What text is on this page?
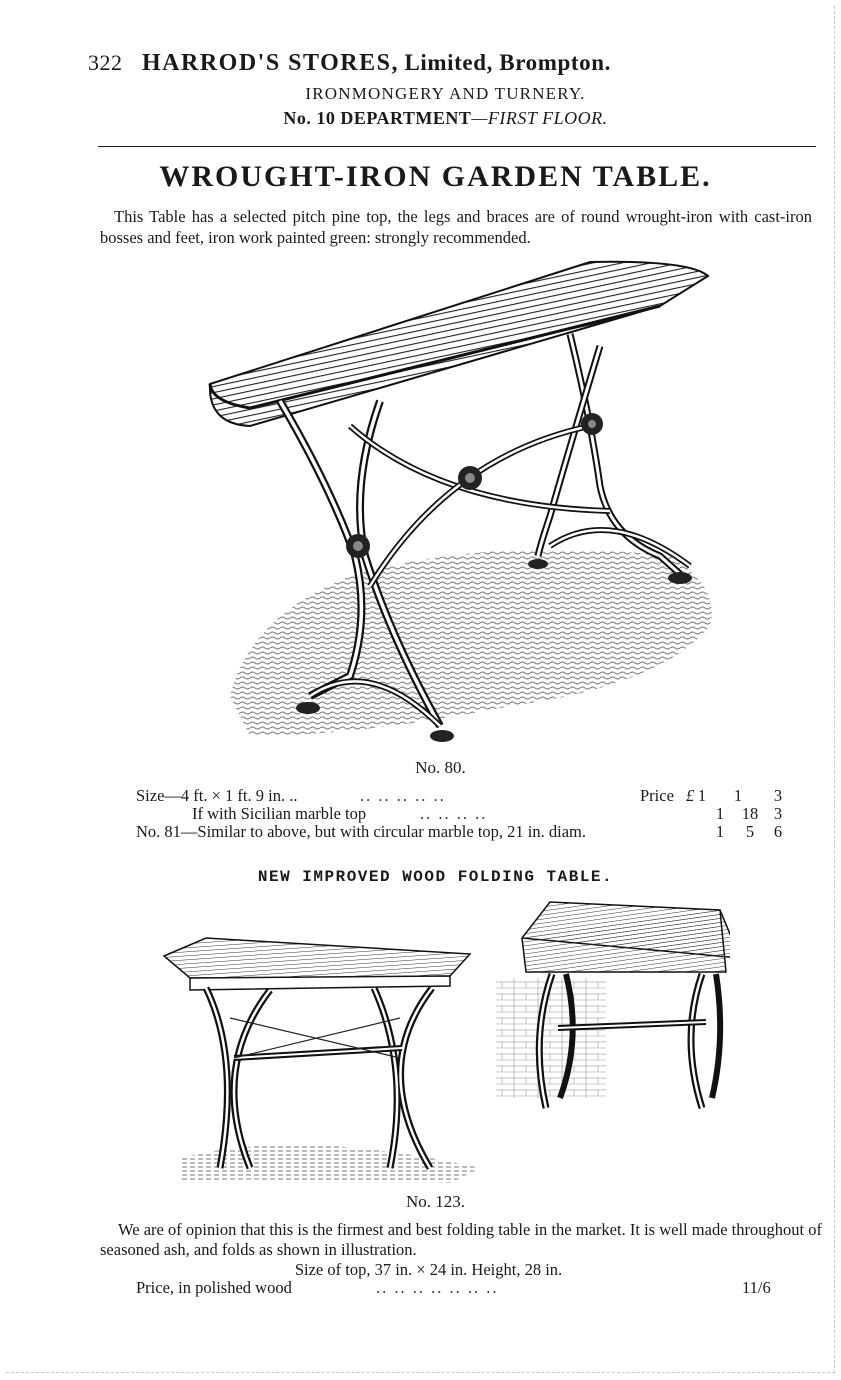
322 HARROD'S STORES, Limited, Brompton.
IRONMONGERY AND TURNERY.
No. 10 DEPARTMENT—FIRST FLOOR.
WROUGHT-IRON GARDEN TABLE.
This Table has a selected pitch pine top, the legs and braces are of round wrought-iron with cast-iron bosses and feet, iron work painted green: strongly recommended.
No. 80.
Size—4 ft. × 1 ft. 9 in. ..	.. .. .. .. ..	Price £ 1	1	3
If with Sicilian marble top	.. .. .. ..	1	18 3
No. 81—Similar to above, but with circular marble top, 21 in. diam.	1	5	6
NEW IMPROVED WOOD FOLDING TABLE.
No. 123.
We are of opinion that this is the firmest and best folding table in the market. It is well made throughout of seasoned ash, and folds as shown in illustration.
Size of top, 37 in. × 24 in. Height, 28 in.
Price, in polished wood	.. .. .. .. .. .. ..	11/6
